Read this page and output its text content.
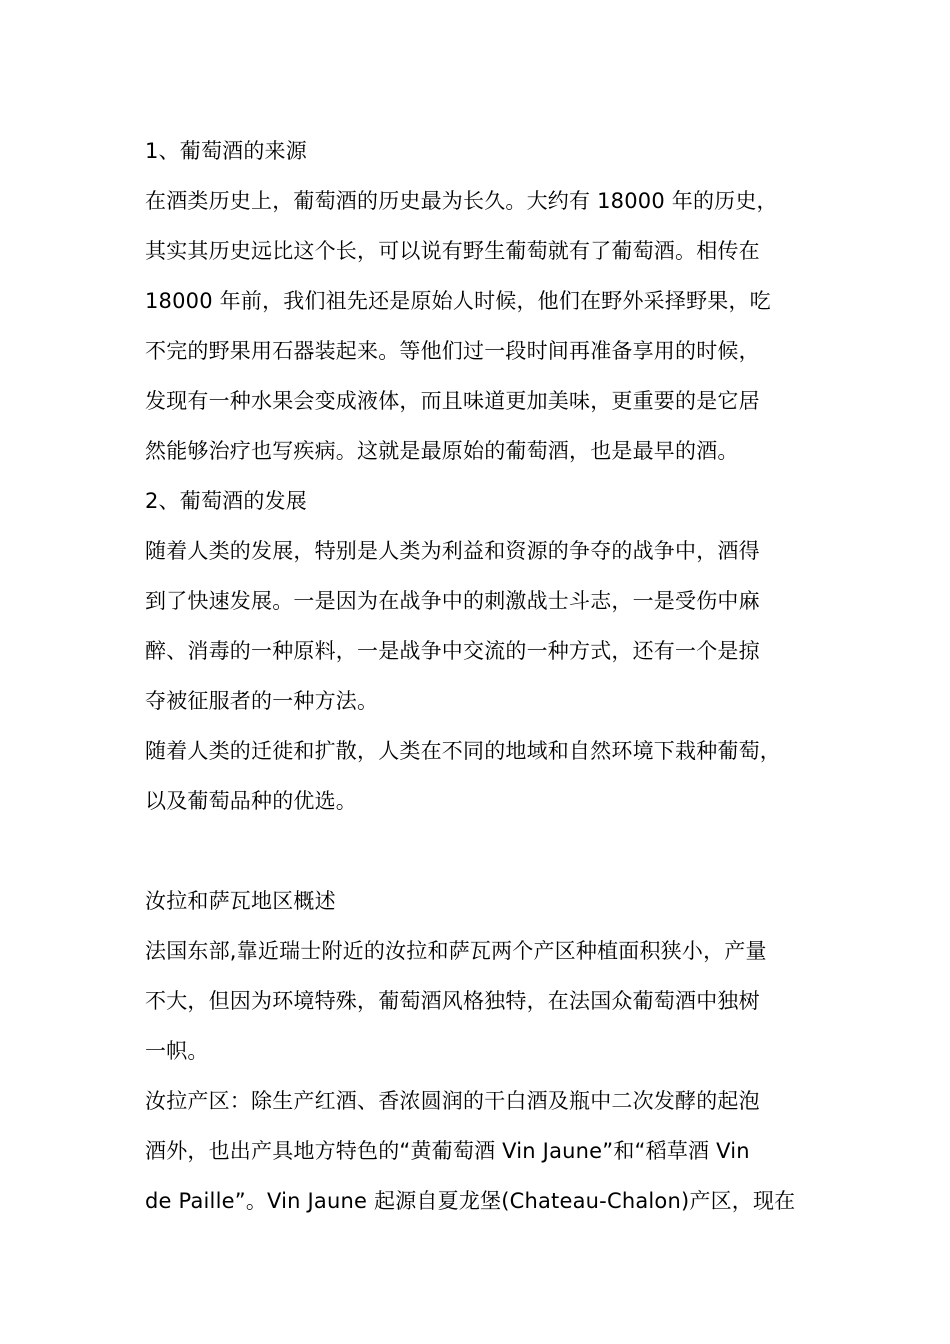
1、葡萄酒的来源
在酒类历史上，葡萄酒的历史最为长久。大约有 18000 年的历史，
其实其历史远比这个长，可以说有野生葡萄就有了葡萄酒。相传在
18000 年前，我们祖先还是原始人时候，他们在野外采择野果，吃
不完的野果用石器装起来。等他们过一段时间再准备享用的时候，
发现有一种水果会变成液体，而且味道更加美味，更重要的是它居
然能够治疗也写疾病。这就是最原始的葡萄酒，也是最早的酒。
2、葡萄酒的发展
随着人类的发展，特别是人类为利益和资源的争夺的战争中，酒得
到了快速发展。一是因为在战争中的刺激战士斗志，一是受伤中麻
醉、消毒的一种原料，一是战争中交流的一种方式，还有一个是掠
夺被征服者的一种方法。
随着人类的迁徙和扩散，人类在不同的地域和自然环境下栽种葡萄，
以及葡萄品种的优选。
汝拉和萨瓦地区概述
法国东部,靠近瑞士附近的汝拉和萨瓦两个产区种植面积狭小，产量
不大，但因为环境特殊，葡萄酒风格独特，在法国众葡萄酒中独树
一帜。
汝拉产区：除生产红酒、香浓圆润的干白酒及瓶中二次发酵的起泡
酒外，也出产具地方特色的“黄葡萄酒 Vin Jaune”和“稻草酒 Vin
de Paille”。Vin Jaune 起源自夏龙堡(Chateau-Chalon)产区，现在
